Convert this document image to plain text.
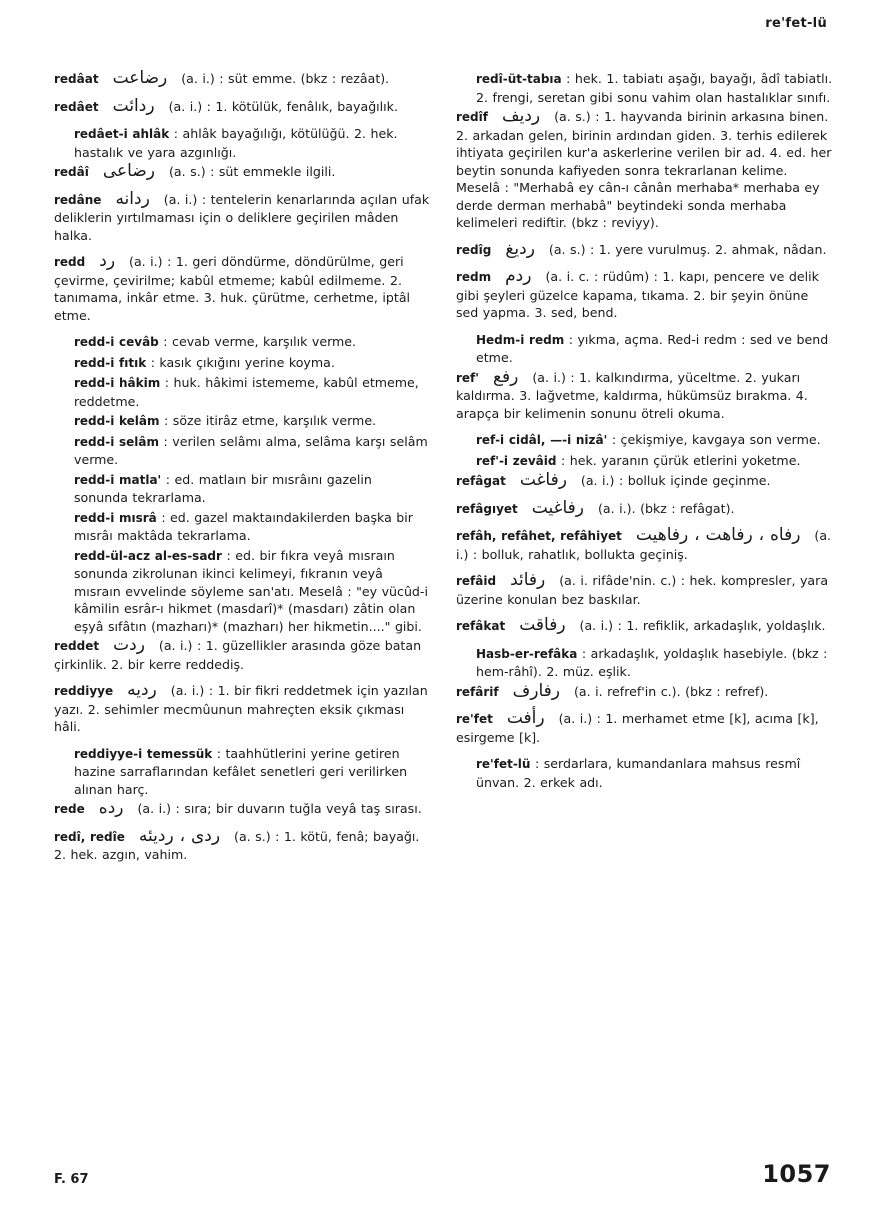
re'fet-lü
redâat رضاعت (a. i.) : süt emme. (bkz : rezâat).
redâet ردائت (a. i.) : 1. kötülük, fenâlık, bayağılık.
redâet-i ahlâk : ahlâk bayağılığı, kötülüğü. 2. hek. hastalık ve yara azgınlığı.
redâî رضاعى (a. s.) : süt emmekle ilgili.
redâne ردانه (a. i.) : tentelerin kenarlarında açılan ufak deliklerin yırtılmaması için o deliklere geçirilen mâden halka.
redd رد (a. i.) : 1. geri döndürme, döndürülme, geri çevirme, çevirilme; kabûl etmeme; kabûl edilmeme. 2. tanımama, inkâr etme. 3. huk. çürütme, cerhetme, iptâl etme.
redd-i cevâb : cevab verme, karşılık verme.
redd-i fıtık : kasık çıkığını yerine koyma.
redd-i hâkim : huk. hâkimi istememe, kabûl etmeme, reddetme.
redd-i kelâm : söze itirâz etme, karşılık verme.
redd-i selâm : verilen selâmı alma, selâma karşı selâm verme.
redd-i matla' : ed. matlaın bir mısrâını gazelin sonunda tekrarlama.
redd-i mısrâ : ed. gazel maktaındakilerden başka bir mısrâı maktâda tekrarlama.
redd-ül-acz al-es-sadr : ed. bir fıkra veyâ mısraın sonunda zikrolunan ikinci kelimeyi, fıkranın veyâ mısraın evvelinde söyleme san'atı. Meselâ : "ey vücûd-i kâmilin esrâr-ı hikmet (masdarî)* (masdarı) zâtin olan eşyâ sıfâtın (mazharı)* (mazharı) her hikmetin...." gibi.
reddet ردت (a. i.) : 1. güzellikler arasında göze batan çirkinlik. 2. bir kerre reddediş.
reddiyye رديه (a. i.) : 1. bir fikri reddetmek için yazılan yazı. 2. sehimler mecmûunun mahreçten eksik çıkması hâli.
reddiyye-i temessük : taahhütlerini yerine getiren hazine sarraflarından kefâlet senetleri geri verilirken alınan harç.
rede رده (a. i.) : sıra; bir duvarın tuğla veyâ taş sırası.
redî, redîe ردى ، رديئه (a. s.) : 1. kötü, fenâ; bayağı. 2. hek. azgın, vahim.
redî-üt-tabıa : hek. 1. tabiatı aşağı, bayağı, âdî tabiatlı. 2. frengi, seretan gibi sonu vahim olan hastalıklar sınıfı.
redîf رديف (a. s.) : 1. hayvanda birinin arkasına binen. 2. arkadan gelen, birinin ardından giden. 3. terhis edilerek ihtiyata geçirilen kur'a askerlerine verilen bir ad. 4. ed. her beytin sonunda kafiyeden sonra tekrarlanan kelime. Meselâ : "Merhabâ ey cân-ı cânân merhaba* merhaba ey derde derman merhabâ" beytindeki sonda merhaba kelimeleri rediftir. (bkz : reviyy).
redîg رديغ (a. s.) : 1. yere vurulmuş. 2. ahmak, nâdan.
redm ردم (a. i. c. : rüdûm) : 1. kapı, pencere ve delik gibi şeyleri güzelce kapama, tıkama. 2. bir şeyin önüne sed yapma. 3. sed, bend.
Hedm-i redm : yıkma, açma. Red-i redm : sed ve bend etme.
ref' رفع (a. i.) : 1. kalkındırma, yüceltme. 2. yukarı kaldırma. 3. lağvetme, kaldırma, hükümsüz bırakma. 4. arapça bir kelimenin sonunu ötreli okuma.
ref-i cidâl, —-i nizâ' : çekişmiye, kavgaya son verme.
ref'-i zevâid : hek. yaranın çürük etlerini yoketme.
refâgat رفاغت (a. i.) : bolluk içinde geçinme.
refâgıyet رفاغيت (a. i.). (bkz : refâgat).
refâh, refâhet, refâhiyet رفاه ، رفاهت ، رفاهيت (a. i.) : bolluk, rahatlık, bollukta geçiniş.
refâid رفائد (a. i. rifâde'nin. c.) : hek. kompresler, yara üzerine konulan bez baskılar.
refâkat رفاقت (a. i.) : 1. refiklik, arkadaşlık, yoldaşlık.
Hasb-er-refâka : arkadaşlık, yoldaşlık hasebiyle. (bkz : hem-râhî). 2. müz. eşlik.
refârif رفارف (a. i. refref'in c.). (bkz : refref).
re'fet رأفت (a. i.) : 1. merhamet etme [k], acıma [k], esirgeme [k].
re'fet-lü : serdarlara, kumandanlara mahsus resmî ünvan. 2. erkek adı.
F. 67	1057
